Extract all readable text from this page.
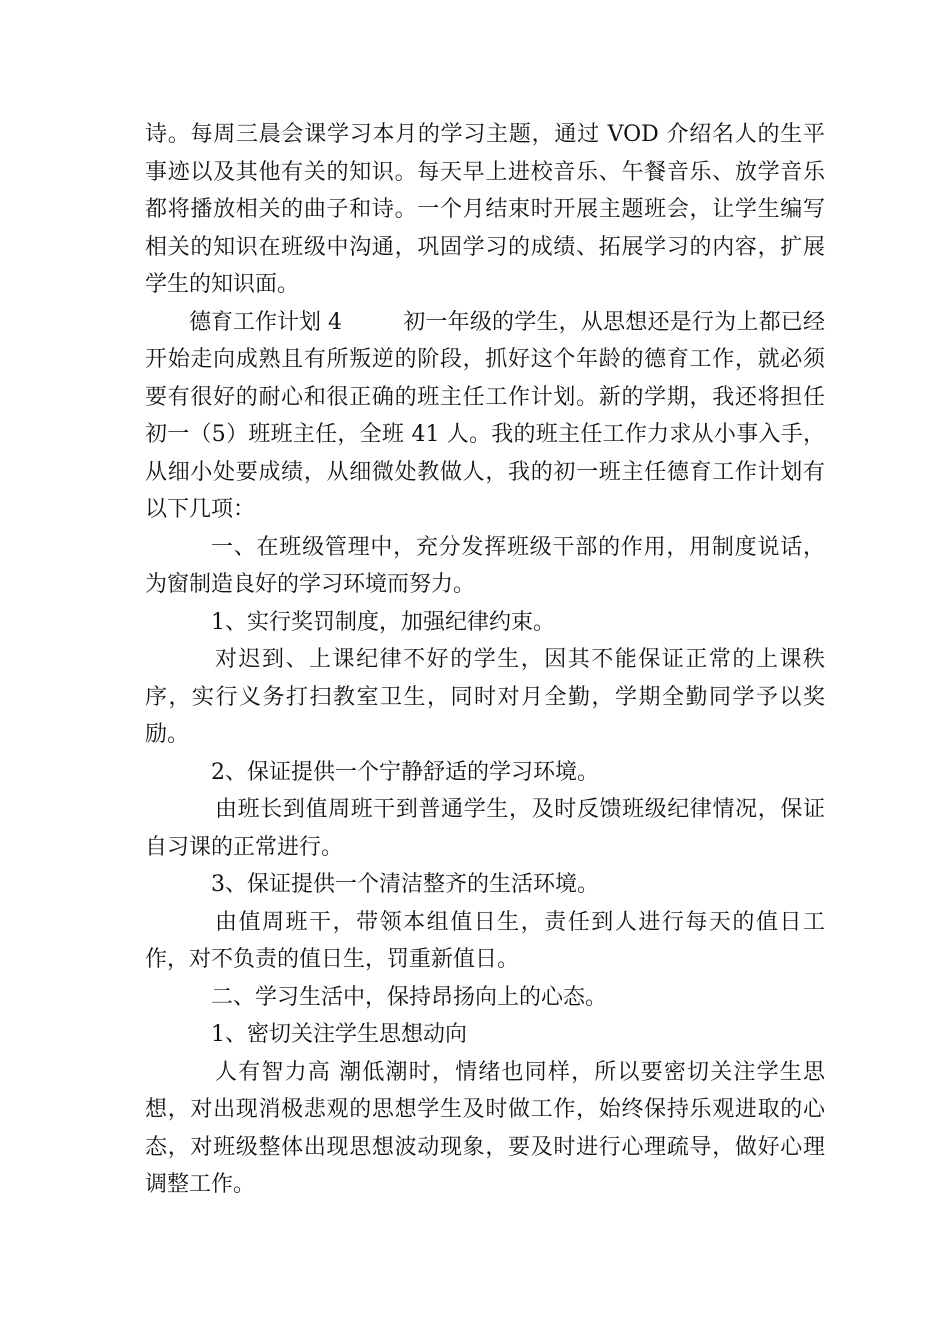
诗。每周三晨会课学习本月的学习主题，通过 VOD 介绍名人的生平事迹以及其他有关的知识。每天早上进校音乐、午餐音乐、放学音乐都将播放相关的曲子和诗。一个月结束时开展主题班会，让学生编写相关的知识在班级中沟通，巩固学习的成绩、拓展学习的内容，扩展学生的知识面。

德育工作计划 4	初一年级的学生，从思想还是行为上都已经开始走向成熟且有所叛逆的阶段，抓好这个年龄的德育工作，就必须要有很好的耐心和很正确的班主任工作计划。新的学期，我还将担任初一（5）班班主任，全班 41 人。我的班主任工作力求从小事入手，从细小处要成绩，从细微处教做人，我的初一班主任德育工作计划有以下几项：

一、在班级管理中，充分发挥班级干部的作用，用制度说话，为窗制造良好的学习环境而努力。

1、实行奖罚制度，加强纪律约束。

对迟到、上课纪律不好的学生，因其不能保证正常的上课秩序，实行义务打扫教室卫生，同时对月全勤，学期全勤同学予以奖励。

2、保证提供一个宁静舒适的学习环境。

由班长到值周班干到普通学生，及时反馈班级纪律情况，保证自习课的正常进行。

3、保证提供一个清洁整齐的生活环境。

由值周班干，带领本组值日生，责任到人进行每天的值日工作，对不负责的值日生，罚重新值日。

二、学习生活中，保持昂扬向上的心态。

1、密切关注学生思想动向

人有智力高 潮低潮时，情绪也同样，所以要密切关注学生思想，对出现消极悲观的思想学生及时做工作，始终保持乐观进取的心态，对班级整体出现思想波动现象，要及时进行心理疏导，做好心理调整工作。
